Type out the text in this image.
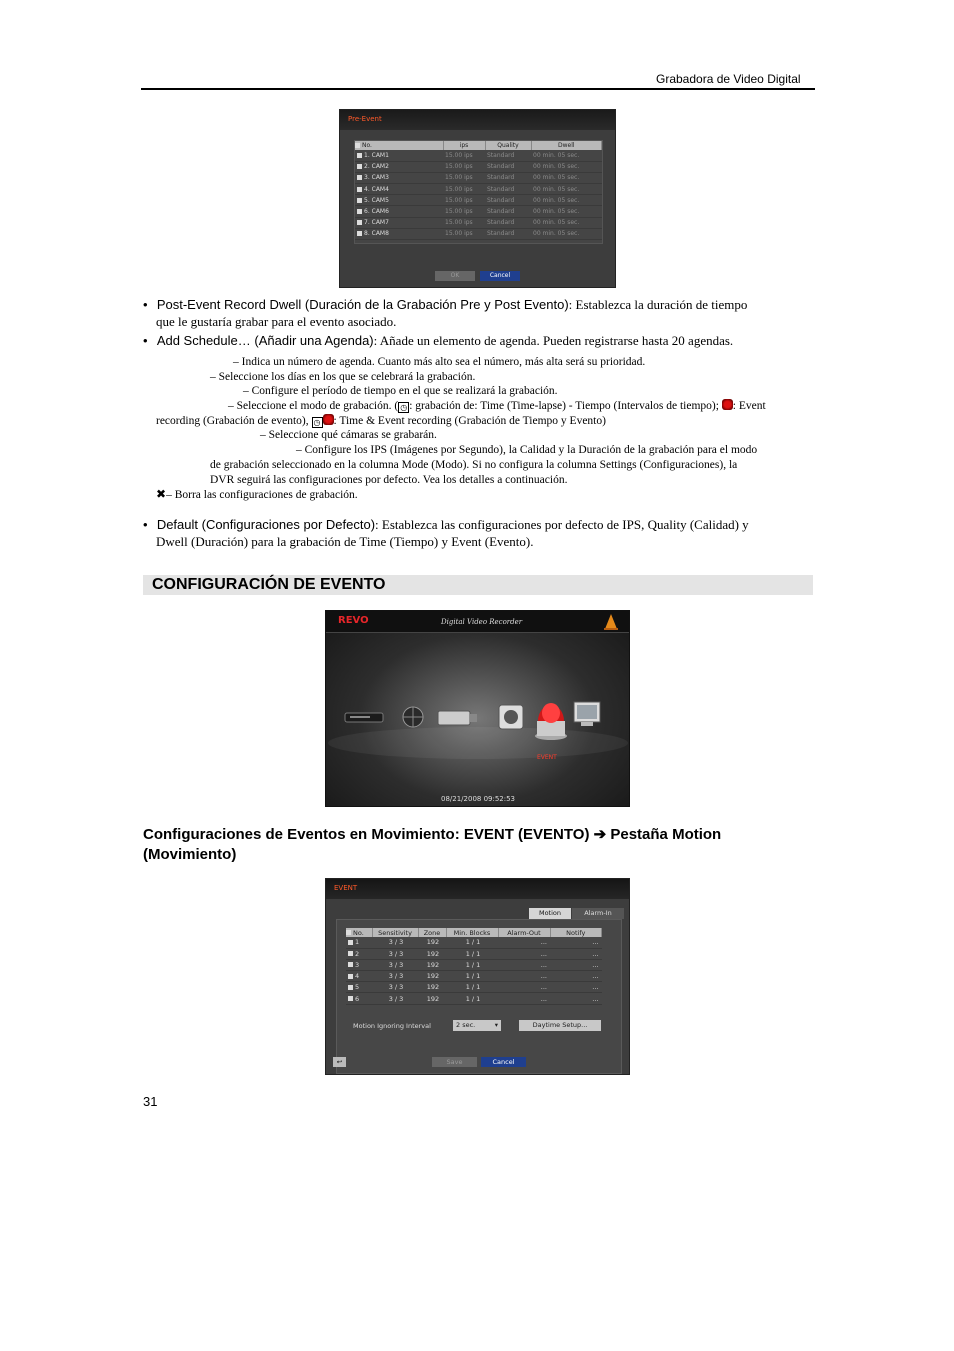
Grabadora de Video Digital
Pre-Event
No.	ips	Quality	Dwell
1. CAM1	15.00 ips	Standard	00 min. 05 sec.
2. CAM2	15.00 ips	Standard	00 min. 05 sec.
3. CAM3	15.00 ips	Standard	00 min. 05 sec.
4. CAM4	15.00 ips	Standard	00 min. 05 sec.
5. CAM5	15.00 ips	Standard	00 min. 05 sec.
6. CAM6	15.00 ips	Standard	00 min. 05 sec.
7. CAM7	15.00 ips	Standard	00 min. 05 sec.
8. CAM8	15.00 ips	Standard	00 min. 05 sec.
OK	Cancel
• Post-Event Record Dwell (Duración de la Grabación Pre y Post Evento): Establezca la duración de tiempo
que le gustaría grabar para el evento asociado.
• Add Schedule… (Añadir una Agenda): Añade un elemento de agenda. Pueden registrarse hasta 20 agendas.
– Indica un número de agenda. Cuanto más alto sea el número, más alta será su prioridad.
– Seleccione los días en los que se celebrará la grabación.
– Configure el período de tiempo en el que se realizará la grabación.
– Seleccione el modo de grabación. ( ◷ : grabación de: Time (Time-lapse) - Tiempo (Intervalos de tiempo); : Event
recording (Grabación de evento), ◷ : Time & Event recording (Grabación de Tiempo y Evento)
– Seleccione qué cámaras se grabarán.
– Configure los IPS (Imágenes por Segundo), la Calidad y la Duración de la grabación para el modo
de grabación seleccionado en la columna Mode (Modo). Si no configura la columna Settings (Configuraciones), la
DVR seguirá las configuraciones por defecto. Vea los detalles a continuación.
✖– Borra las configuraciones de grabación.
• Default (Configuraciones por Defecto): Establezca las configuraciones por defecto de IPS, Quality (Calidad) y
Dwell (Duración) para la grabación de Time (Tiempo) y Event (Evento).
CONFIGURACIÓN DE EVENTO
REVO	Digital Video Recorder
EVENT
08/21/2008 09:52:53
Configuraciones de Eventos en Movimiento: EVENT (EVENTO) ➔ Pestaña Motion
(Movimiento)
EVENT
Motion	Alarm-In
No.	Sensitivity	Zone	Min. Blocks	Alarm-Out	Notify
1	3 / 3	192	1 / 1	...	...
2	3 / 3	192	1 / 1	...	...
3	3 / 3	192	1 / 1	...	...
4	3 / 3	192	1 / 1	...	...
5	3 / 3	192	1 / 1	...	...
6	3 / 3	192	1 / 1	...	...
Motion Ignoring Interval	2 sec.	▾	Daytime Setup...
↩	Save	Cancel
31
